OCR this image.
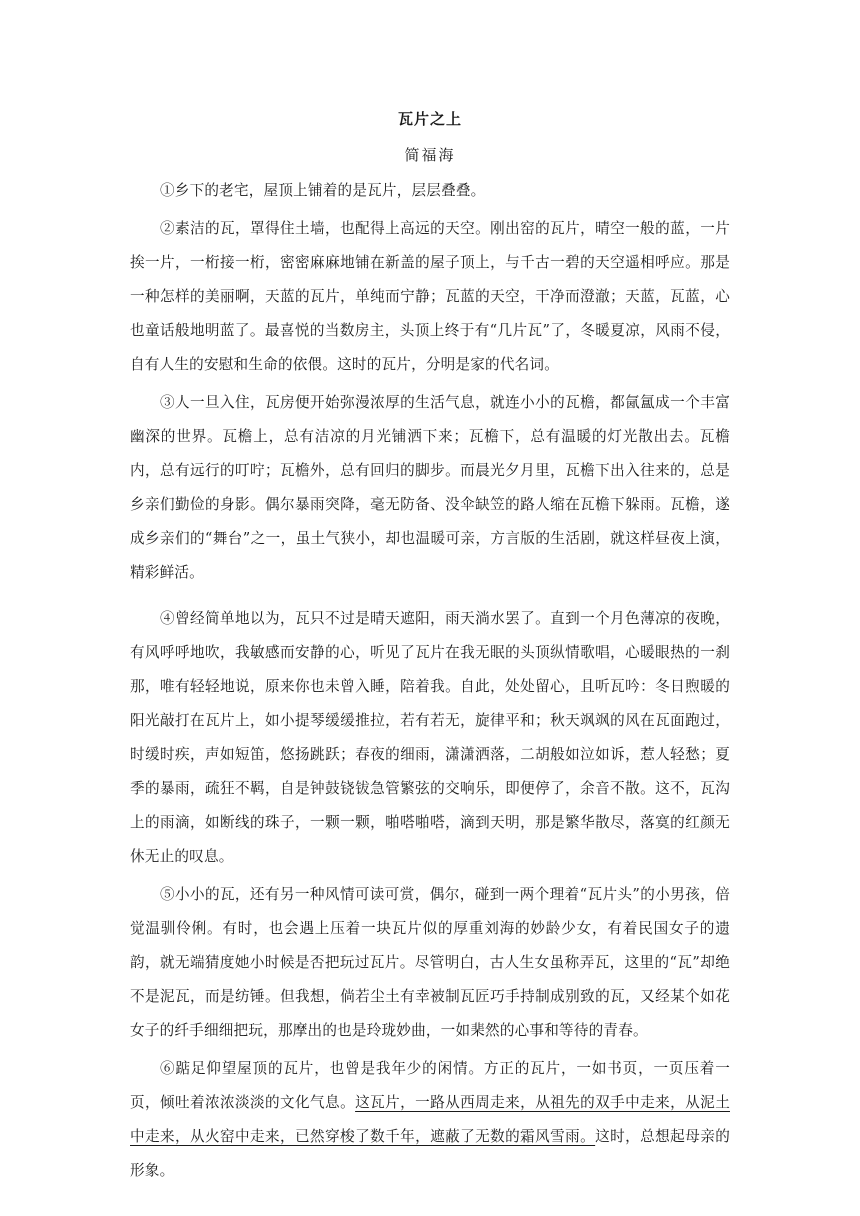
瓦片之上
简福海

①乡下的老宅，屋顶上铺着的是瓦片，层层叠叠。

②素洁的瓦，罩得住土墙，也配得上高远的天空。刚出窑的瓦片，晴空一般的蓝，一片挨一片，一桁接一桁，密密麻麻地铺在新盖的屋子顶上，与千古一碧的天空遥相呼应。那是一种怎样的美丽啊，天蓝的瓦片，单纯而宁静；瓦蓝的天空，干净而澄澈；天蓝，瓦蓝，心也童话般地明蓝了。最喜悦的当数房主，头顶上终于有“几片瓦”了，冬暖夏凉，风雨不侵，自有人生的安慰和生命的依偎。这时的瓦片，分明是家的代名词。

③人一旦入住，瓦房便开始弥漫浓厚的生活气息，就连小小的瓦檐，都氤氲成一个丰富幽深的世界。瓦檐上，总有洁凉的月光铺洒下来；瓦檐下，总有温暖的灯光散出去。瓦檐内，总有远行的叮咛；瓦檐外，总有回归的脚步。而晨光夕月里，瓦檐下出入往来的，总是乡亲们勤俭的身影。偶尔暴雨突降，毫无防备、没伞缺笠的路人缩在瓦檐下躲雨。瓦檐，遂成乡亲们的“舞台”之一，虽土气狭小，却也温暖可亲，方言版的生活剧，就这样昼夜上演，精彩鲜活。

④曾经简单地以为，瓦只不过是晴天遮阳，雨天淌水罢了。直到一个月色薄凉的夜晚，有风呼呼地吹，我敏感而安静的心，听见了瓦片在我无眠的头顶纵情歌唱，心暖眼热的一刹那，唯有轻轻地说，原来你也未曾入睡，陪着我。自此，处处留心，且听瓦吟：冬日煦暖的阳光敲打在瓦片上，如小提琴缓缓推拉，若有若无，旋律平和；秋天飒飒的风在瓦面跑过，时缓时疾，声如短笛，悠扬跳跃；春夜的细雨，潇潇洒落，二胡般如泣如诉，惹人轻愁；夏季的暴雨，疏狂不羁，自是钟鼓铙钹急管繁弦的交响乐，即便停了，余音不散。这不，瓦沟上的雨滴，如断线的珠子，一颗一颗，啪嗒啪嗒，滴到天明，那是繁华散尽，落寞的红颜无休无止的叹息。

⑤小小的瓦，还有另一种风情可读可赏，偶尔，碰到一两个理着“瓦片头”的小男孩，倍觉温驯伶俐。有时，也会遇上压着一块瓦片似的厚重刘海的妙龄少女，有着民国女子的遗韵，就无端猜度她小时候是否把玩过瓦片。尽管明白，古人生女虽称弄瓦，这里的“瓦”却绝不是泥瓦，而是纺锤。但我想，倘若尘土有幸被制瓦匠巧手持制成别致的瓦，又经某个如花女子的纤手细细把玩，那摩出的也是玲珑妙曲，一如棐然的心事和等待的青春。

⑥踮足仰望屋顶的瓦片，也曾是我年少的闲情。方正的瓦片，一如书页，一页压着一页，倾吐着浓浓淡淡的文化气息。这瓦片，一路从西周走来，从祖先的双手中走来，从泥土中走来，从火窑中走来，已然穿梭了数千年，遮蔽了无数的霜风雪雨。这时，总想起母亲的形象。
